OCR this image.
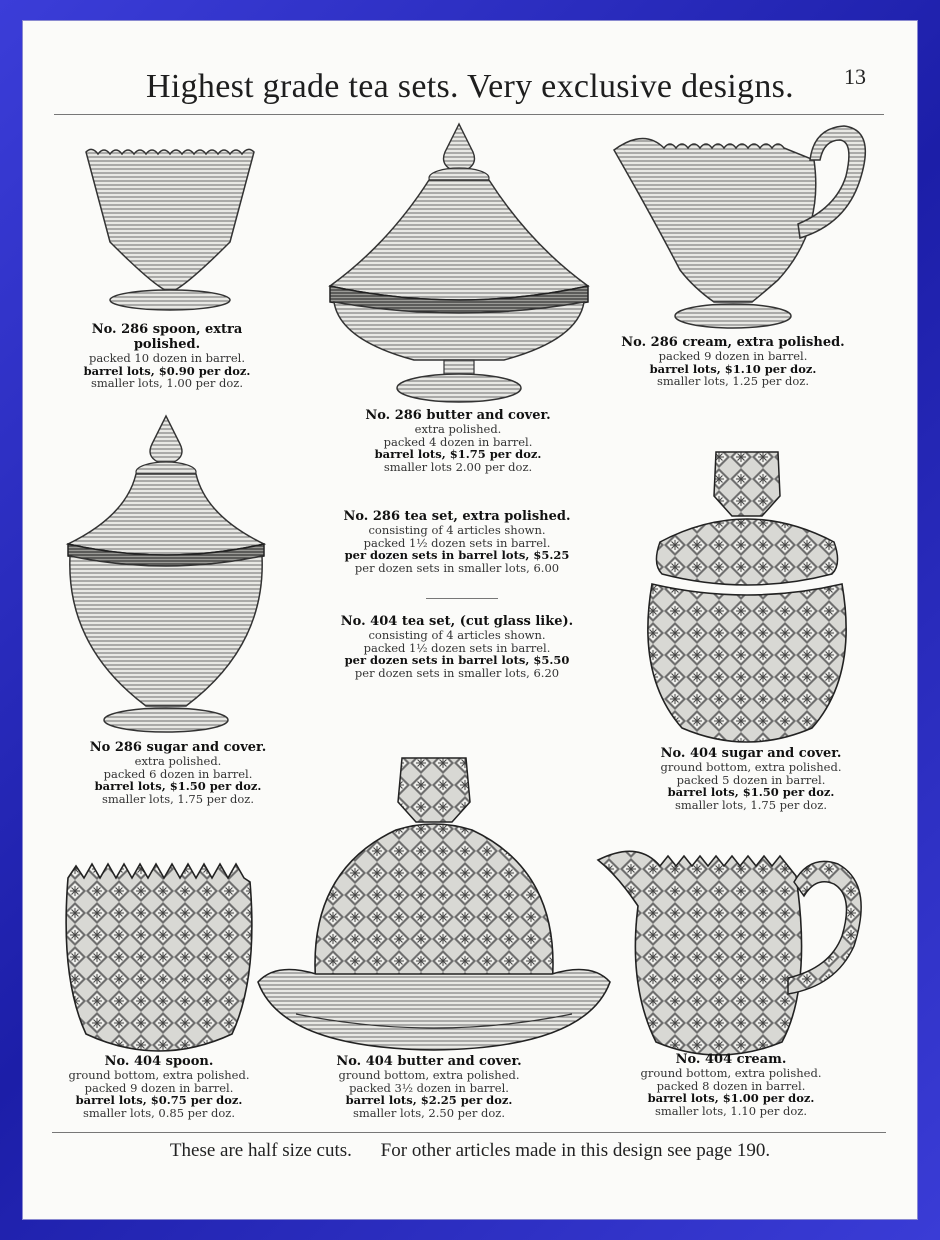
Highest grade tea sets. Very exclusive designs.	13
No. 286 spoon, extra polished.
packed 10 dozen in barrel.
barrel lots, $0.90 per doz.
smaller lots, 1.00 per doz.
No. 286 butter and cover.
extra polished.
packed 4 dozen in barrel.
barrel lots, $1.75 per doz.
smaller lots 2.00 per doz.
No. 286 cream, extra polished.
packed 9 dozen in barrel.
barrel lots, $1.10 per doz.
smaller lots, 1.25 per doz.
No. 286 tea set, extra polished.
consisting of 4 articles shown.
packed 1½ dozen sets in barrel.
per dozen sets in barrel lots, $5.25
per dozen sets in smaller lots, 6.00
No. 404 tea set, (cut glass like).
consisting of 4 articles shown.
packed 1½ dozen sets in barrel.
per dozen sets in barrel lots, $5.50
per dozen sets in smaller lots, 6.20
No 286 sugar and cover.
extra polished.
packed 6 dozen in barrel.
barrel lots, $1.50 per doz.
smaller lots, 1.75 per doz.
No. 404 sugar and cover.
ground bottom, extra polished.
packed 5 dozen in barrel.
barrel lots, $1.50 per doz.
smaller lots, 1.75 per doz.
No. 404 spoon.
ground bottom, extra polished.
packed 9 dozen in barrel.
barrel lots, $0.75 per doz.
smaller lots, 0.85 per doz.
No. 404 butter and cover.
ground bottom, extra polished.
packed 3½ dozen in barrel.
barrel lots, $2.25 per doz.
smaller lots, 2.50 per doz.
No. 404 cream.
ground bottom, extra polished.
packed 8 dozen in barrel.
barrel lots, $1.00 per doz.
smaller lots, 1.10 per doz.
These are half size cuts. For other articles made in this design see page 190.
